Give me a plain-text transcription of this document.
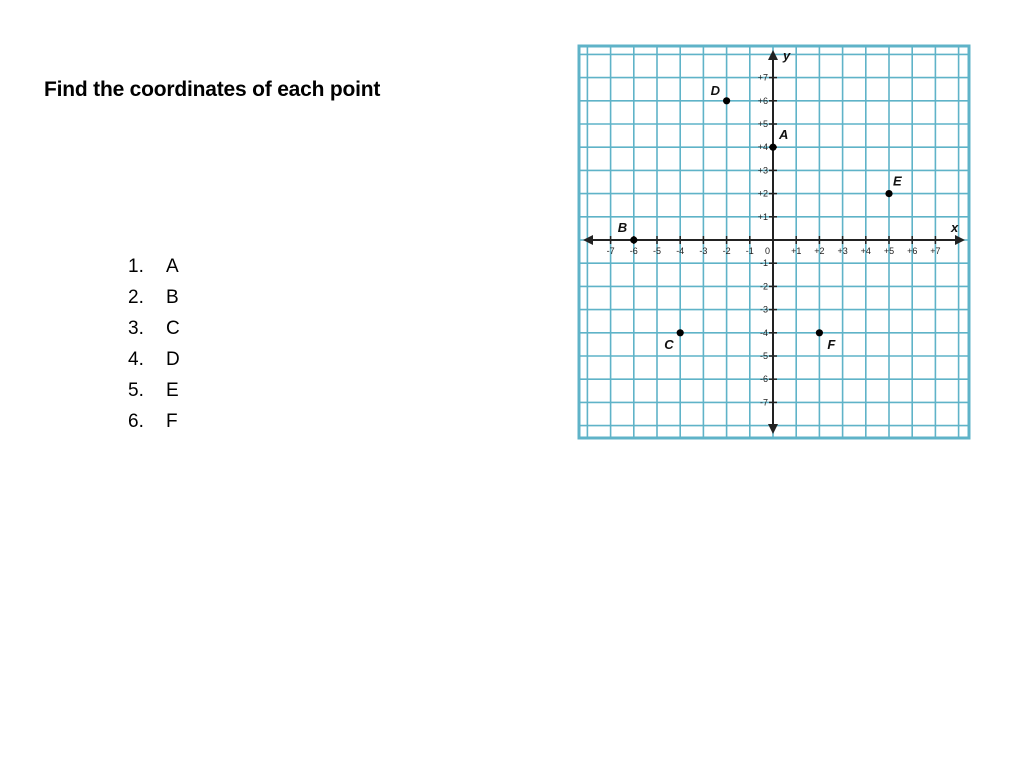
Find the coordinates of each point
1.	A
2.	B
3.	C
4.	D
5.	E
6.	F
x
y
-7 -6 -5 -4 -3 -2 -1	+1 +2 +3 +4 +5 +6 +7
+7
+6
+5
+4
+3
+2
+1
-1
-2
-3
-4
-5
-6
-7
0
A
B
C
D
E
F
